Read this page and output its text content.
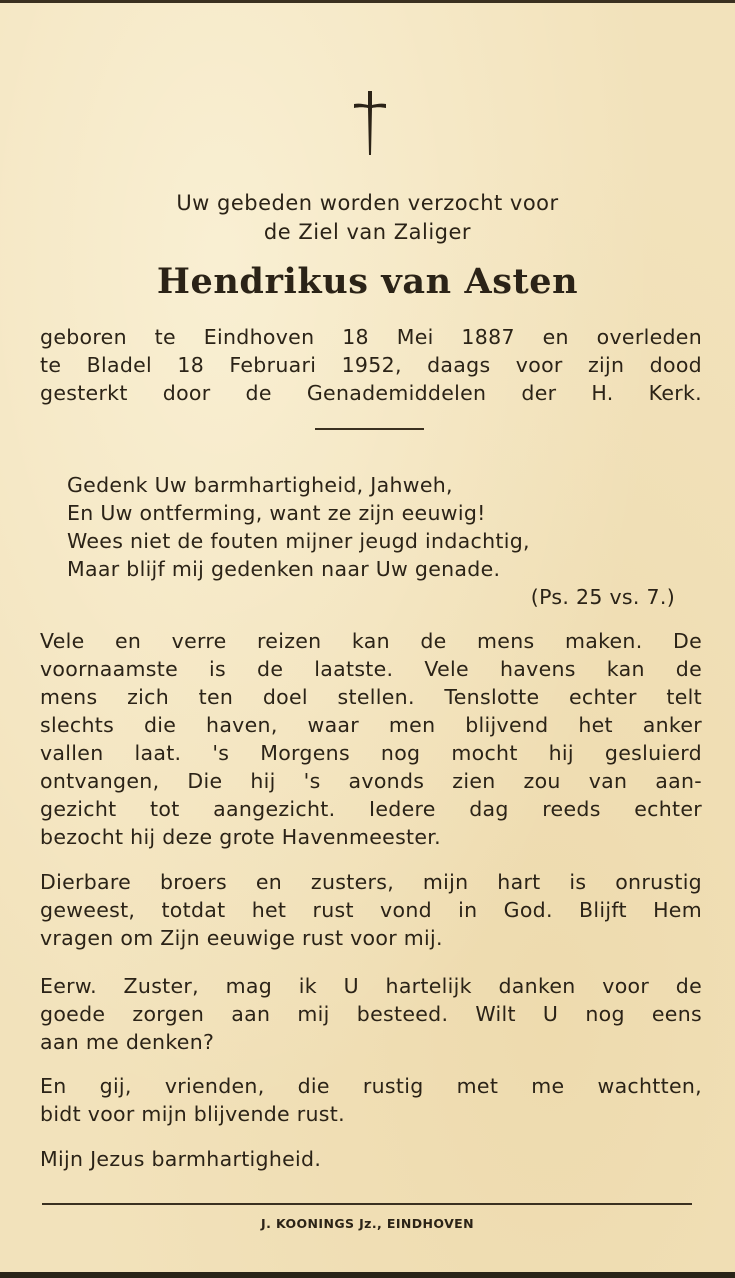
Uw gebeden worden verzocht voor
de Ziel van Zaliger
Hendrikus van Asten
geboren te Eindhoven 18 Mei 1887 en overleden
te Bladel 18 Februari 1952, daags voor zijn dood
gesterkt door de Genademiddelen der H. Kerk.
Gedenk Uw barmhartigheid, Jahweh,
En Uw ontferming, want ze zijn eeuwig!
Wees niet de fouten mijner jeugd indachtig,
Maar blijf mij gedenken naar Uw genade.
(Ps. 25 vs. 7.)
Vele en verre reizen kan de mens maken. De
voornaamste is de laatste. Vele havens kan de
mens zich ten doel stellen. Tenslotte echter telt
slechts die haven, waar men blijvend het anker
vallen laat. 's Morgens nog mocht hij gesluierd
ontvangen, Die hij 's avonds zien zou van aan-
gezicht tot aangezicht. Iedere dag reeds echter
bezocht hij deze grote Havenmeester.
Dierbare broers en zusters, mijn hart is onrustig
geweest, totdat het rust vond in God. Blijft Hem
vragen om Zijn eeuwige rust voor mij.
Eerw. Zuster, mag ik U hartelijk danken voor de
goede zorgen aan mij besteed. Wilt U nog eens
aan me denken?
En gij, vrienden, die rustig met me wachtten,
bidt voor mijn blijvende rust.
Mijn Jezus barmhartigheid.
J. KOONINGS Jz., EINDHOVEN
